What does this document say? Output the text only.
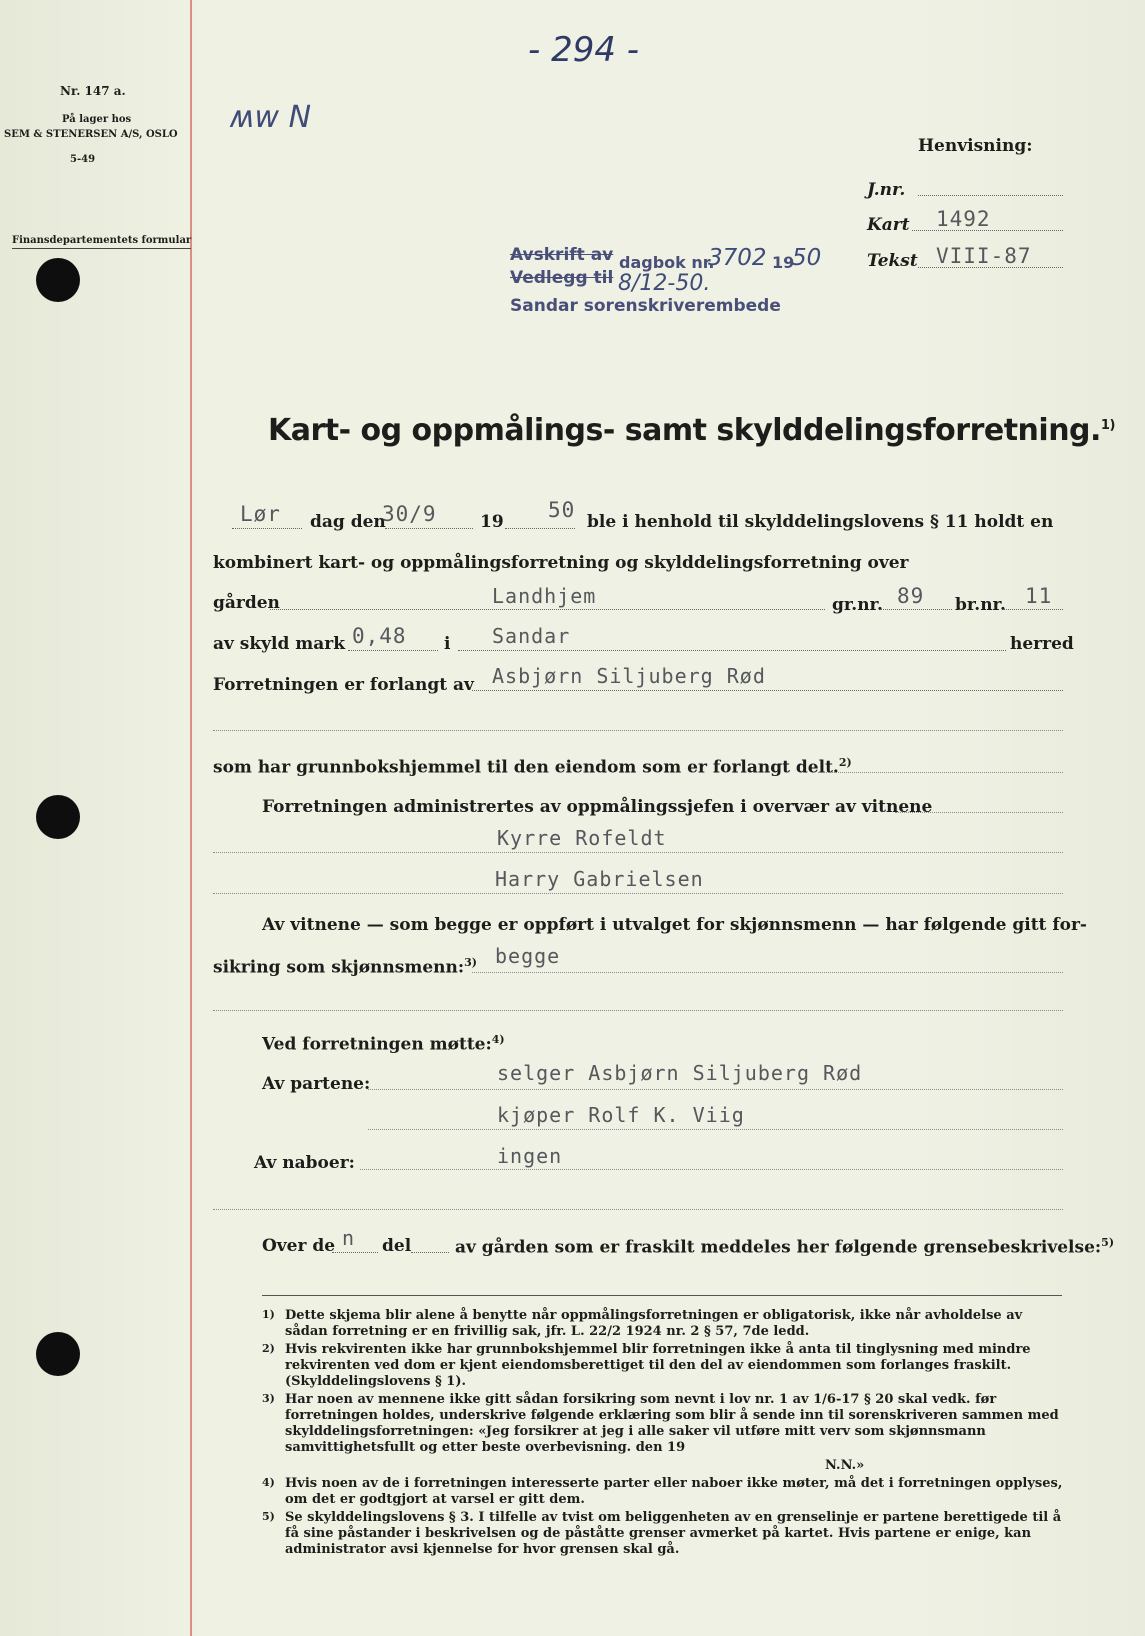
- 294 -
Nr. 147 a.
På lager hos
SEM & STENERSEN A/S, OSLO
5-49
Finansdepartementets formular
ʍw N
Henvisning:
J.nr.
Kart 1492
Tekst VIII-87
Avskrift av
Vedlegg til
dagbok nr.
3702 19
50
8/12-50.
Sandar sorenskriverembede
Kart- og oppmålings- samt skylddelingsforretning.$^{1)}$
Lør dag den
30/9	19 50 ble i henhold til skylddelingslovens § 11 holdt en
kombinert kart- og oppmålingsforretning og skylddelingsforretning over
gården	Landhjem	gr.nr. 89 br.nr. 11
av skyld mark 0,48 i Sandar	herred
Forretningen er forlangt av Asbjørn Siljuberg Rød
som har grunnbokshjemmel til den eiendom som er forlangt delt.$^{2)}$
Forretningen administrertes av oppmålingssjefen i overvær av vitnene
Kyrre Rofeldt
Harry Gabrielsen
Av vitnene — som begge er oppført i utvalget for skjønnsmenn — har følgende gitt for-
sikring som skjønnsmenn:$^{3)}$ begge
Ved forretningen møtte:$^{4)}$
Av partene:	selger Asbjørn Siljuberg Rød
kjøper Rolf K. Viig
Av naboer:	ingen
Over de n del	av gården som er fraskilt meddeles her følgende grensebeskrivelse:$^{5)}$
1) Dette skjema blir alene å benytte når oppmålingsforretningen er obligatorisk, ikke når avholdelse av sådan forretning er en frivillig sak, jfr. L. 22/2 1924 nr. 2 § 57, 7de ledd.
2) Hvis rekvirenten ikke har grunnbokshjemmel blir forretningen ikke å anta til tinglysning med mindre rekvirenten ved dom er kjent eiendomsberettiget til den del av eiendommen som forlanges fraskilt. (Skylddelingslovens § 1).
3) Har noen av mennene ikke gitt sådan forsikring som nevnt i lov nr. 1 av 1/6-17 § 20 skal vedk. før forretningen holdes, underskrive følgende erklæring som blir å sende inn til sorenskriveren sammen med skylddelingsforretningen: «Jeg forsikrer at jeg i alle saker vil utføre mitt verv som skjønnsmann samvittighetsfullt og etter beste overbevisning. den 19
N.N.»
4) Hvis noen av de i forretningen interesserte parter eller naboer ikke møter, må det i forretningen opplyses, om det er godtgjort at varsel er gitt dem.
5) Se skylddelingslovens § 3. I tilfelle av tvist om beliggenheten av en grenselinje er partene berettigede til å få sine påstander i beskrivelsen og de påståtte grenser avmerket på kartet. Hvis partene er enige, kan administrator avsi kjennelse for hvor grensen skal gå.
